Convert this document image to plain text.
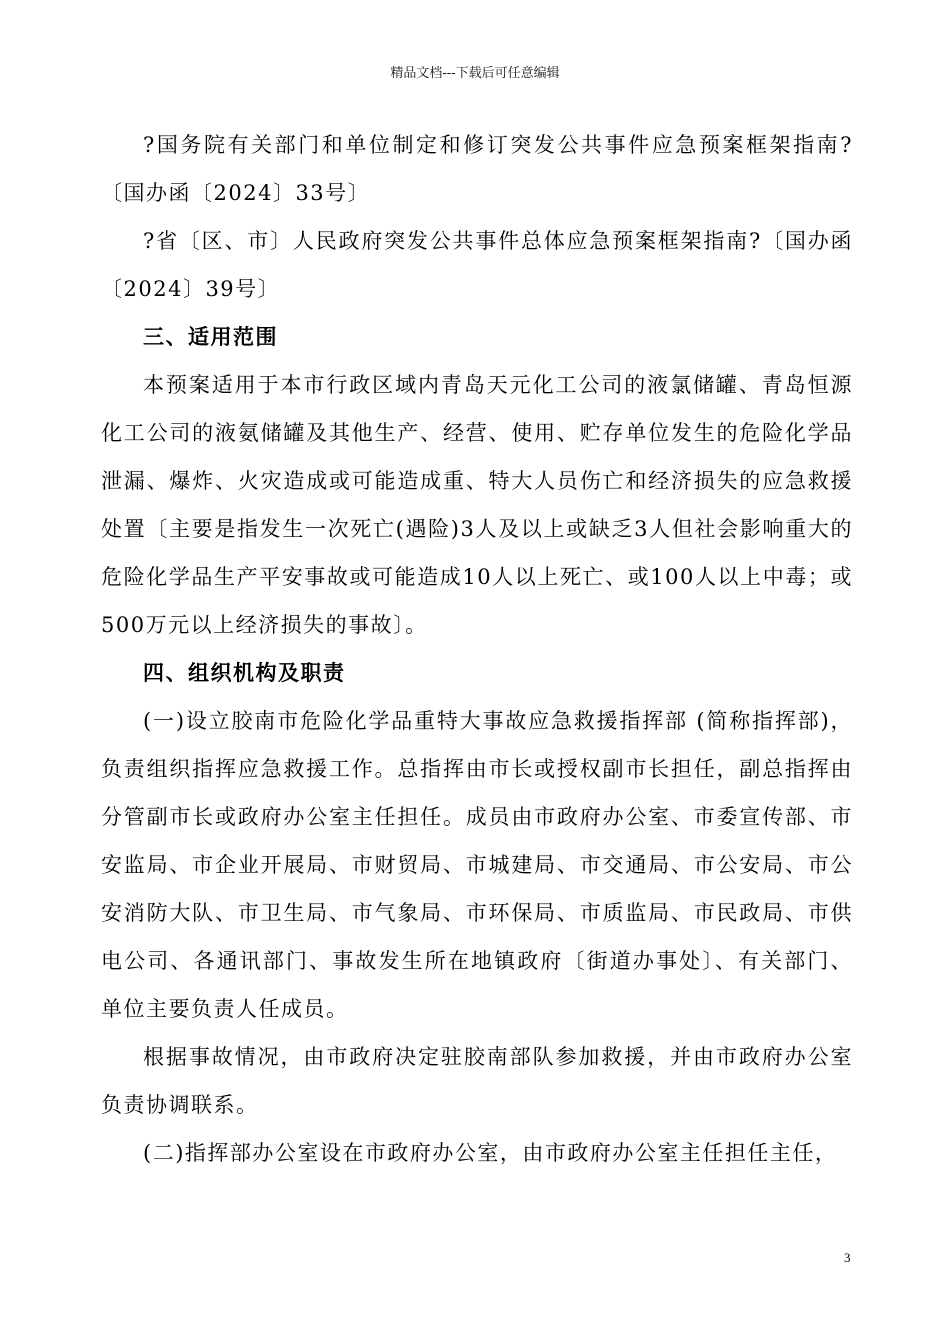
精品文档---下载后可任意编辑

?国务院有关部门和单位制定和修订突发公共事件应急预案框架指南?〔国办函〔2024〕33号〕

?省〔区、市〕人民政府突发公共事件总体应急预案框架指南?〔国办函〔2024〕39号〕

三、适用范围

本预案适用于本市行政区域内青岛天元化工公司的液氯储罐、青岛恒源化工公司的液氨储罐及其他生产、经营、使用、贮存单位发生的危险化学品泄漏、爆炸、火灾造成或可能造成重、特大人员伤亡和经济损失的应急救援处置〔主要是指发生一次死亡(遇险)3人及以上或缺乏3人但社会影响重大的危险化学品生产平安事故或可能造成10人以上死亡、或100人以上中毒；或500万元以上经济损失的事故〕。

四、组织机构及职责

(一)设立胶南市危险化学品重特大事故应急救援指挥部 (简称指挥部)，负责组织指挥应急救援工作。总指挥由市长或授权副市长担任，副总指挥由分管副市长或政府办公室主任担任。成员由市政府办公室、市委宣传部、市安监局、市企业开展局、市财贸局、市城建局、市交通局、市公安局、市公安消防大队、市卫生局、市气象局、市环保局、市质监局、市民政局、市供电公司、各通讯部门、事故发生所在地镇政府〔街道办事处〕、有关部门、单位主要负责人任成员。

根据事故情况，由市政府决定驻胶南部队参加救援，并由市政府办公室负责协调联系。

(二)指挥部办公室设在市政府办公室，由市政府办公室主任担任主任，

3
